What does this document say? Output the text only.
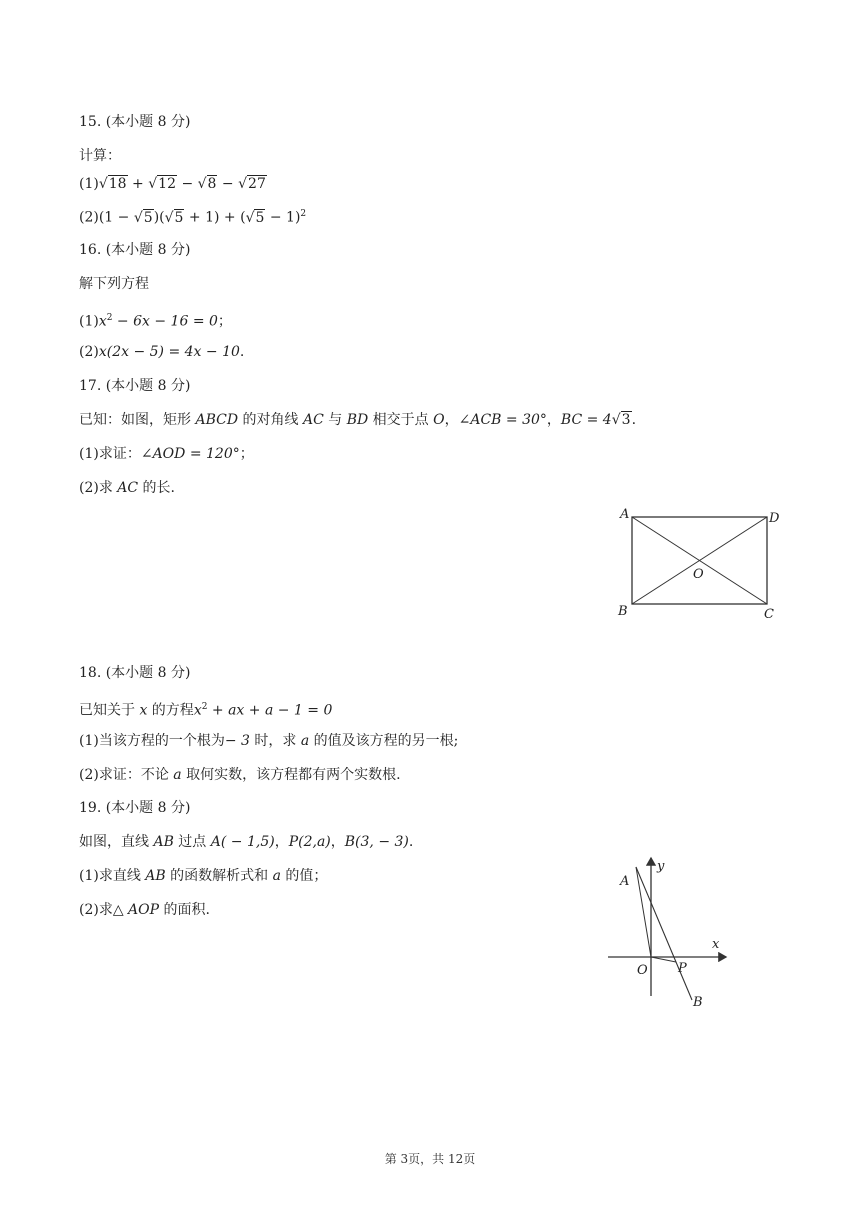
15. (本小题 8 分)
计算：
(1)√18 + √12 − √8 − √27
$(2)(1 - √5)(√5 + 1) + (√5 - 1)^2$
16. (本小题 8 分)
解下列方程
$(1)x^2 - 6x - 16 = 0$；
(2)x(2x − 5) = 4x − 10.
17. (本小题 8 分)
已知：如图，矩形 ABCD 的对角线 AC 与 BD 相交于点 O，∠ACB = 30°，BC = 4√3.
(1)求证：∠AOD = 120°；
(2)求 AC 的长.
A	D
O
B	C
18. (本小题 8 分)
已知关于 x 的方程$x^2$ + ax + a − 1 = 0
(1)当该方程的一个根为− 3 时，求 a 的值及该方程的另一根;
(2)求证：不论 a 取何实数，该方程都有两个实数根.
19. (本小题 8 分)
如图，直线 AB 过点 A( − 1,5)，P(2,a)，B(3, − 3).
(1)求直线 AB 的函数解析式和 a 的值；
(2)求△ AOP 的面积.
y
x
A
O P
B
第 3页，共 12页
